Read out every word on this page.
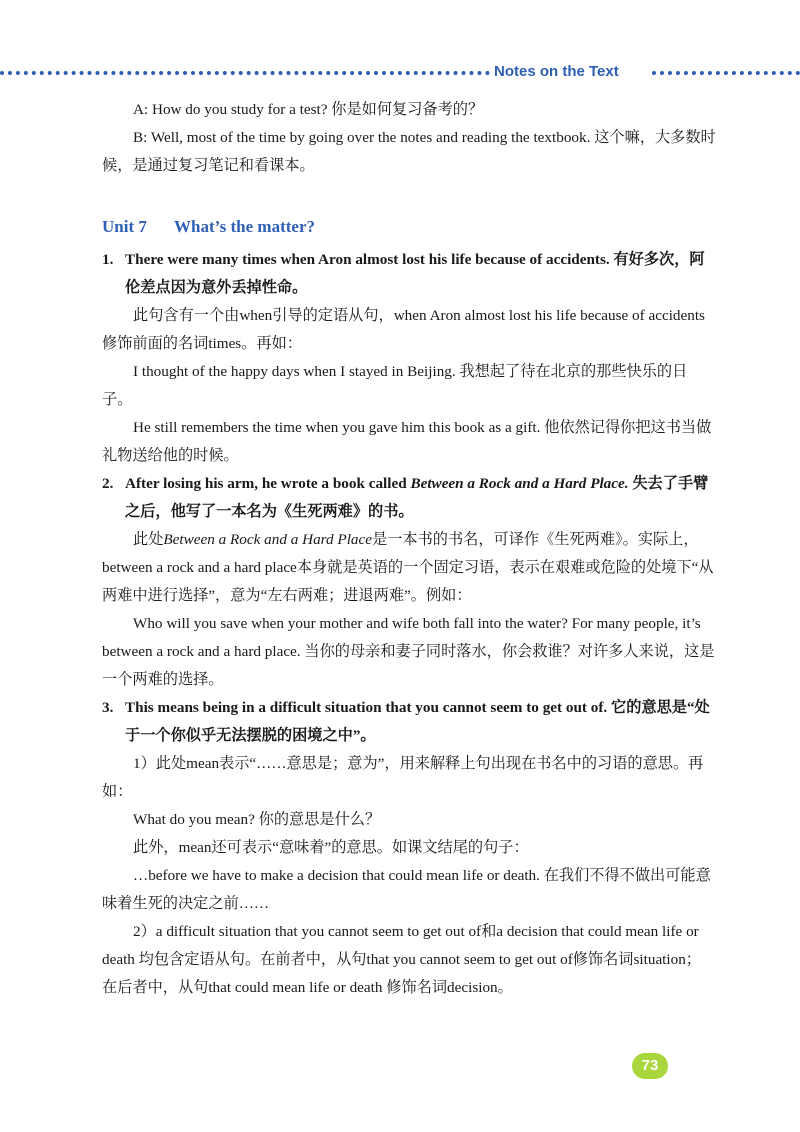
Notes on the Text

A: How do you study for a test? 你是如何复习备考的？

B: Well, most of the time by going over the notes and reading the textbook. 这个嘛，大多数时候，是通过复习笔记和看课本。

Unit 7 What’s the matter?

1. There were many times when Aron almost lost his life because of accidents. 有好多次，阿伦差点因为意外丢掉性命。

此句含有一个由when引导的定语从句，when Aron almost lost his life because of accidents修饰前面的名词times。再如：

I thought of the happy days when I stayed in Beijing. 我想起了待在北京的那些快乐的日子。

He still remembers the time when you gave him this book as a gift. 他依然记得你把这书当做礼物送给他的时候。

2. After losing his arm, he wrote a book called Between a Rock and a Hard Place. 失去了手臂之后，他写了一本名为《生死两难》的书。

此处Between a Rock and a Hard Place是一本书的书名，可译作《生死两难》。实际上，between a rock and a hard place本身就是英语的一个固定习语，表示在艰难或危险的处境下“从两难中进行选择”，意为“左右两难；进退两难”。例如：

Who will you save when your mother and wife both fall into the water? For many people, it’s between a rock and a hard place. 当你的母亲和妻子同时落水，你会救谁？对许多人来说，这是一个两难的选择。

3. This means being in a difficult situation that you cannot seem to get out of. 它的意思是“处于一个你似乎无法摆脱的困境之中”。

1）此处mean表示“……意思是；意为”，用来解释上句出现在书名中的习语的意思。再如：

What do you mean? 你的意思是什么？

此外，mean还可表示“意味着”的意思。如课文结尾的句子：

…before we have to make a decision that could mean life or death. 在我们不得不做出可能意味着生死的决定之前……

2）a difficult situation that you cannot seem to get out of和a decision that could mean life or death 均包含定语从句。在前者中，从句that you cannot seem to get out of修饰名词situation；在后者中，从句that could mean life or death 修饰名词decision。

73
